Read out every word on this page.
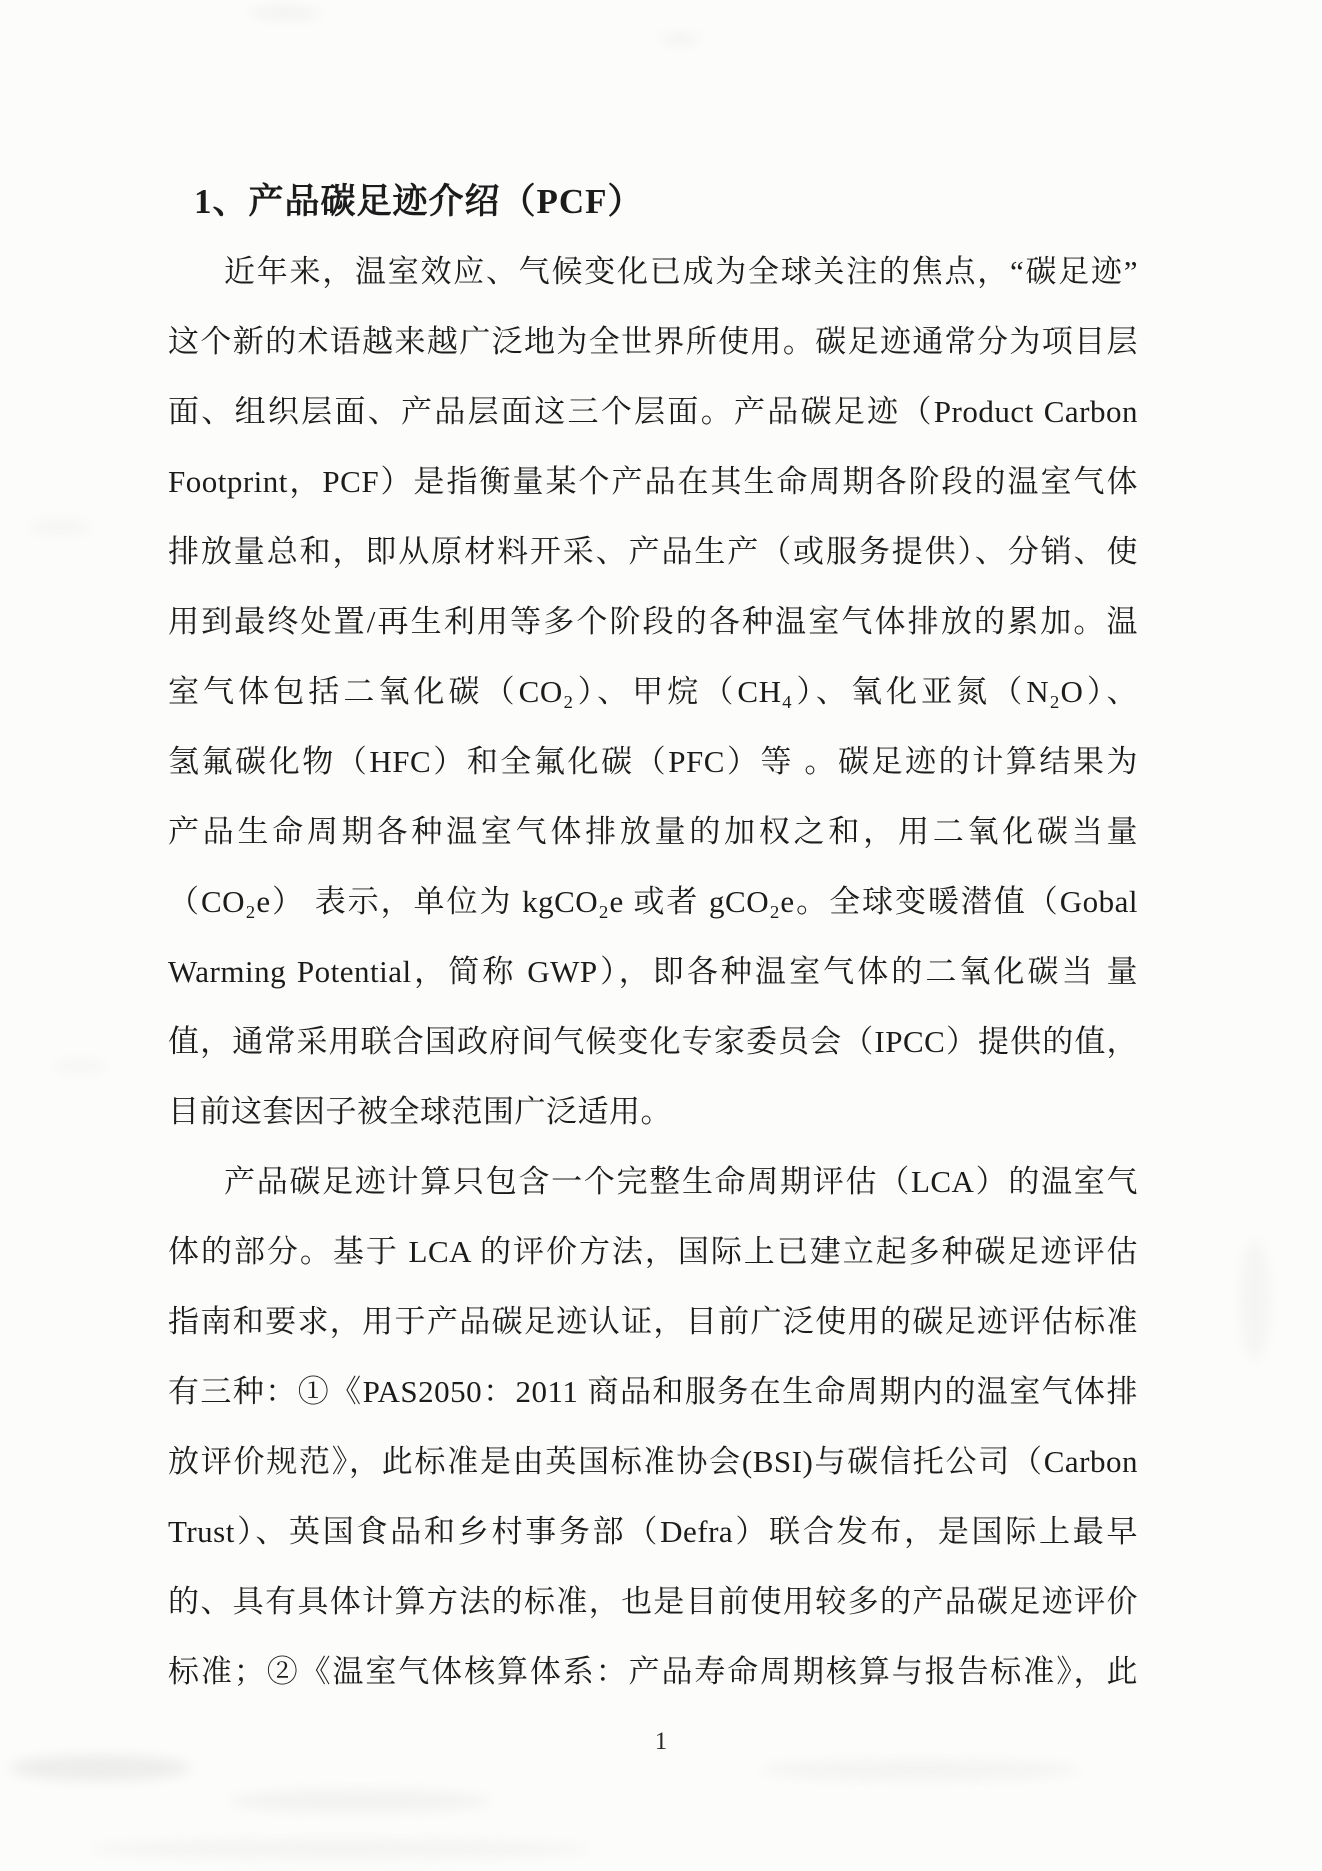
1、产品碳足迹介绍（PCF）
近年来，温室效应、气候变化已成为全球关注的焦点，“碳足迹”
这个新的术语越来越广泛地为全世界所使用。碳足迹通常分为项目层
面、组织层面、产品层面这三个层面。产品碳足迹（Product Carbon
Footprint，PCF）是指衡量某个产品在其生命周期各阶段的温室气体
排放量总和，即从原材料开采、产品生产（或服务提供）、分销、使
用到最终处置/再生利用等多个阶段的各种温室气体排放的累加。温
室气体包括二氧化碳（CO₂）、甲烷（CH₄）、氧化亚氮（N₂O）、
氢氟碳化物（HFC）和全氟化碳（PFC）等 。碳足迹的计算结果为
产品生命周期各种温室气体排放量的加权之和，用二氧化碳当量
（CO₂e） 表示，单位为 kgCO₂e 或者 gCO₂e。全球变暖潜值（Gobal
Warming Potential，简称 GWP），即各种温室气体的二氧化碳当 量
值，通常采用联合国政府间气候变化专家委员会（IPCC）提供的值，
目前这套因子被全球范围广泛适用。
产品碳足迹计算只包含一个完整生命周期评估（LCA）的温室气
体的部分。基于 LCA 的评价方法，国际上已建立起多种碳足迹评估
指南和要求，用于产品碳足迹认证，目前广泛使用的碳足迹评估标准
有三种：①《PAS2050：2011 商品和服务在生命周期内的温室气体排
放评价规范》，此标准是由英国标准协会(BSI)与碳信托公司（Carbon
Trust）、英国食品和乡村事务部（Defra）联合发布，是国际上最早
的、具有具体计算方法的标准，也是目前使用较多的产品碳足迹评价
标准；②《温室气体核算体系：产品寿命周期核算与报告标准》，此
1
